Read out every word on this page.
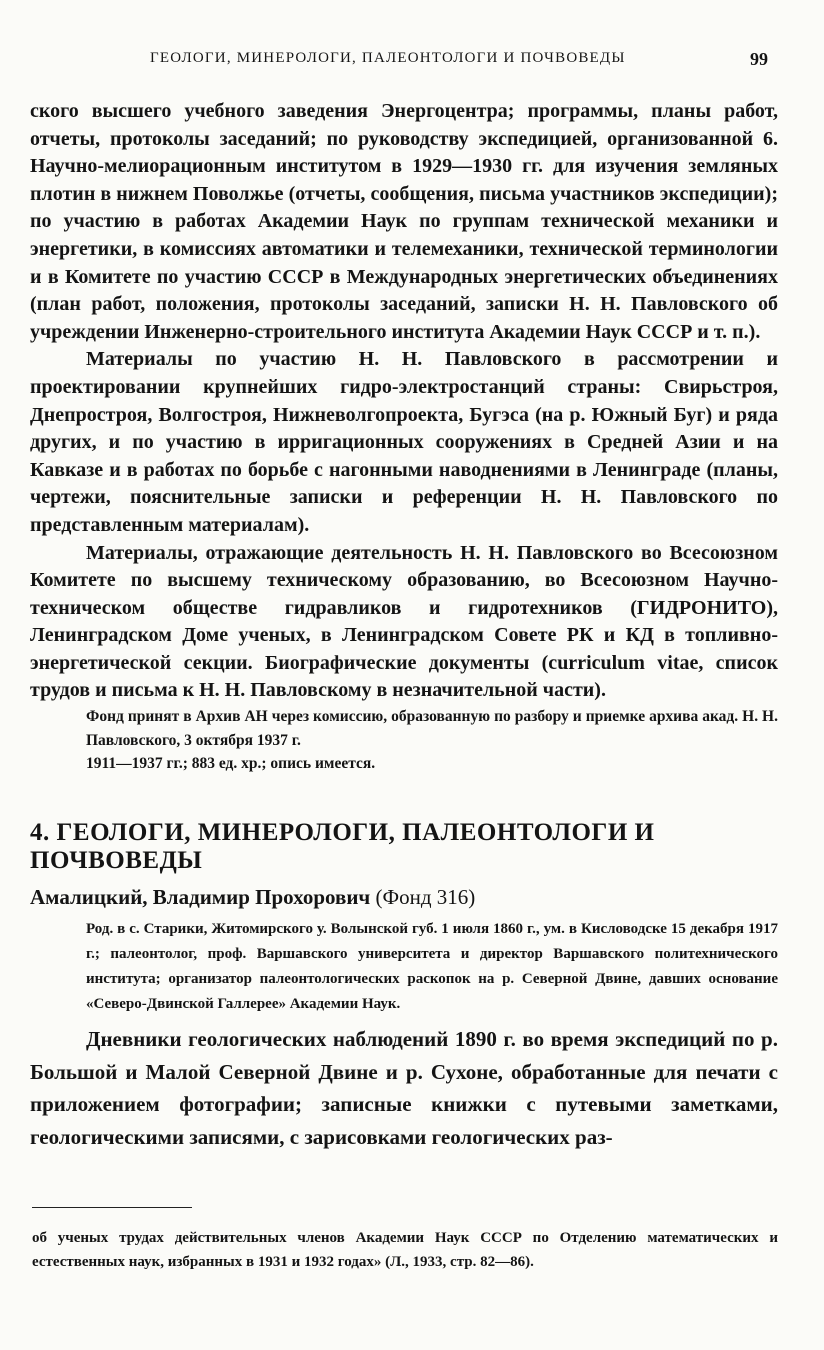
ГЕОЛОГИ, МИНЕРОЛОГИ, ПАЛЕОНТОЛОГИ И ПОЧВОВЕДЫ	99

ского высшего учебного заведения Энергоцентра; программы, планы работ, отчеты, протоколы заседаний; по руководству экспедицией, организованной 6. Научно-мелиорационным институтом в 1929—1930 гг. для изучения земляных плотин в нижнем Поволжье (отчеты, сообщения, письма участников экспедиции); по участию в работах Академии Наук по группам технической механики и энергетики, в комиссиях автоматики и телемеханики, технической терминологии и в Комитете по участию СССР в Международных энергетических объединениях (план работ, положения, протоколы заседаний, записки Н. Н. Павловского об учреждении Инженерно-строительного института Академии Наук СССР и т. п.).

Материалы по участию Н. Н. Павловского в рассмотрении и проектировании крупнейших гидро-электростанций страны: Свирьстроя, Днепростроя, Волгостроя, Нижневолгопроекта, Бугэса (на р. Южный Буг) и ряда других, и по участию в ирригационных сооружениях в Средней Азии и на Кавказе и в работах по борьбе с нагонными наводнениями в Ленинграде (планы, чертежи, пояснительные записки и референции Н. Н. Павловского по представленным материалам).

Материалы, отражающие деятельность Н. Н. Павловского во Всесоюзном Комитете по высшему техническому образованию, во Всесоюзном Научно-техническом обществе гидравликов и гидротехников (ГИДРОНИТО), Ленинградском Доме ученых, в Ленинградском Совете РК и КД в топливно-энергетической секции. Биографические документы (curriculum vitae, список трудов и письма к Н. Н. Павловскому в незначительной части).

Фонд принят в Архив АН через комиссию, образованную по разбору и приемке архива акад. Н. Н. Павловского, 3 октября 1937 г.

1911—1937 гг.; 883 ед. хр.; опись имеется.

4. ГЕОЛОГИ, МИНЕРОЛОГИ, ПАЛЕОНТОЛОГИ И ПОЧВОВЕДЫ
Амалицкий, Владимир Прохорович (Фонд 316)

Род. в с. Старики, Житомирского у. Волынской губ. 1 июля 1860 г., ум. в Кисловодске 15 декабря 1917 г.; палеонтолог, проф. Варшавского университета и директор Варшавского политехнического института; организатор палеонтологических раскопок на р. Северной Двине, давших основание «Северо-Двинской Галлерее» Академии Наук.

Дневники геологических наблюдений 1890 г. во время экспедиций по р. Большой и Малой Северной Двине и р. Сухоне, обработанные для печати с приложением фотографии; записные книжки с путевыми заметками, геологическими записями, с зарисовками геологических раз-

об ученых трудах действительных членов Академии Наук СССР по Отделению математических и естественных наук, избранных в 1931 и 1932 годах» (Л., 1933, стр. 82—86).
